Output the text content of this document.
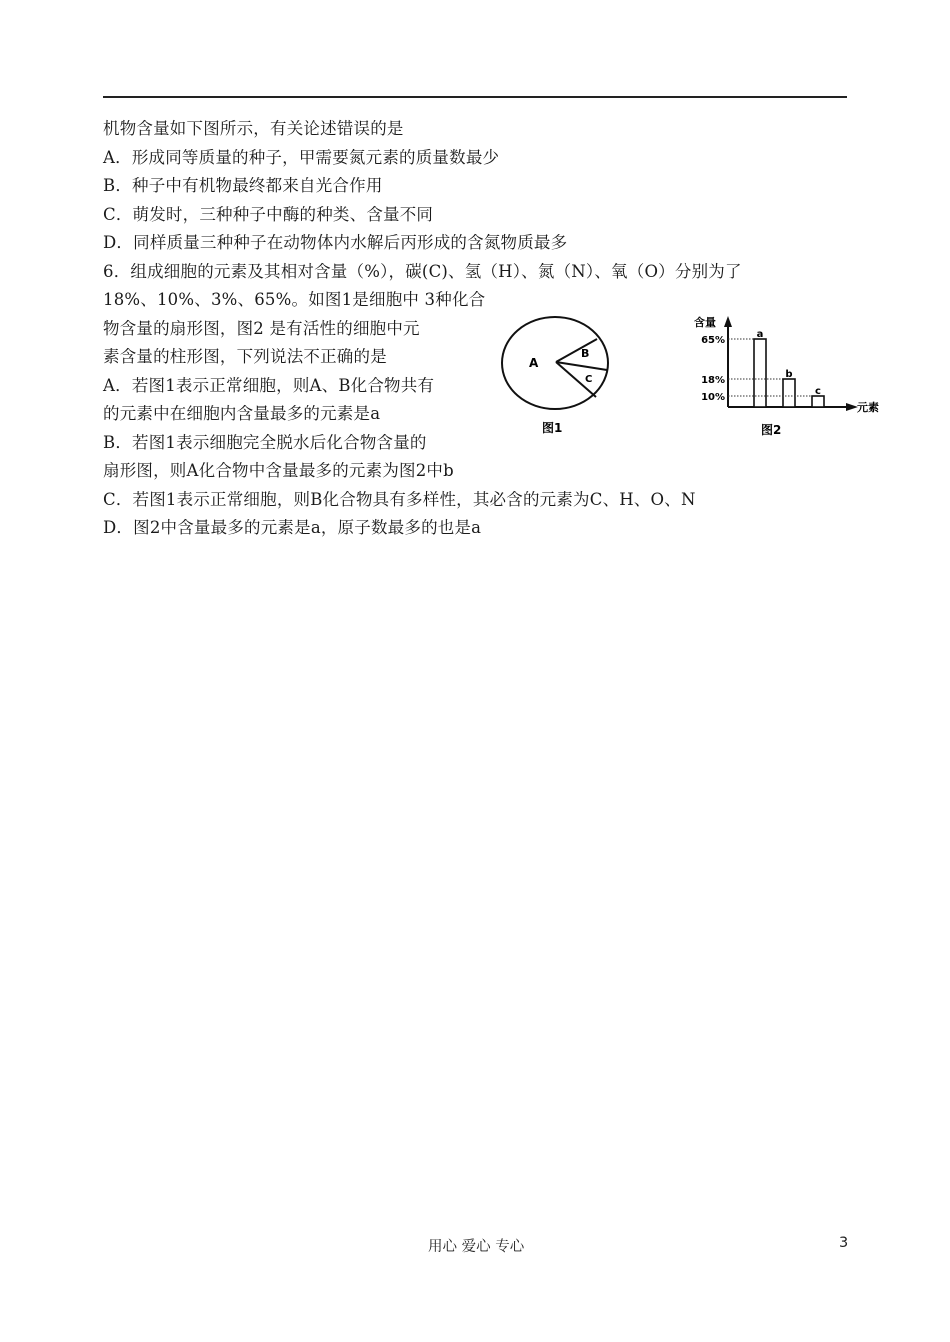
机物含量如下图所示，有关论述错误的是
A．形成同等质量的种子，甲需要氮元素的质量数最少
B．种子中有机物最终都来自光合作用
C．萌发时，三种种子中酶的种类、含量不同
D．同样质量三种种子在动物体内水解后丙形成的含氮物质最多
6．组成细胞的元素及其相对含量（%），碳(C)、氢（H）、氮（N）、氧（O）分别为了
18%、10%、3%、65%。如图1是细胞中 3种化合
物含量的扇形图，图2 是有活性的细胞中元
素含量的柱形图，下列说法不正确的是
A．若图1表示正常细胞，则A、B化合物共有
的元素中在细胞内含量最多的元素是a
B．若图1表示细胞完全脱水后化合物含量的
扇形图，则A化合物中含量最多的元素为图2中b
C．若图1表示正常细胞，则B化合物具有多样性，其必含的元素为C、H、O、N
D．图2中含量最多的元素是a，原子数最多的也是a
A
B
C
图1
含量
元素
a
65%
b
18%
c
10%
图2
用心 爱心 专心	3
